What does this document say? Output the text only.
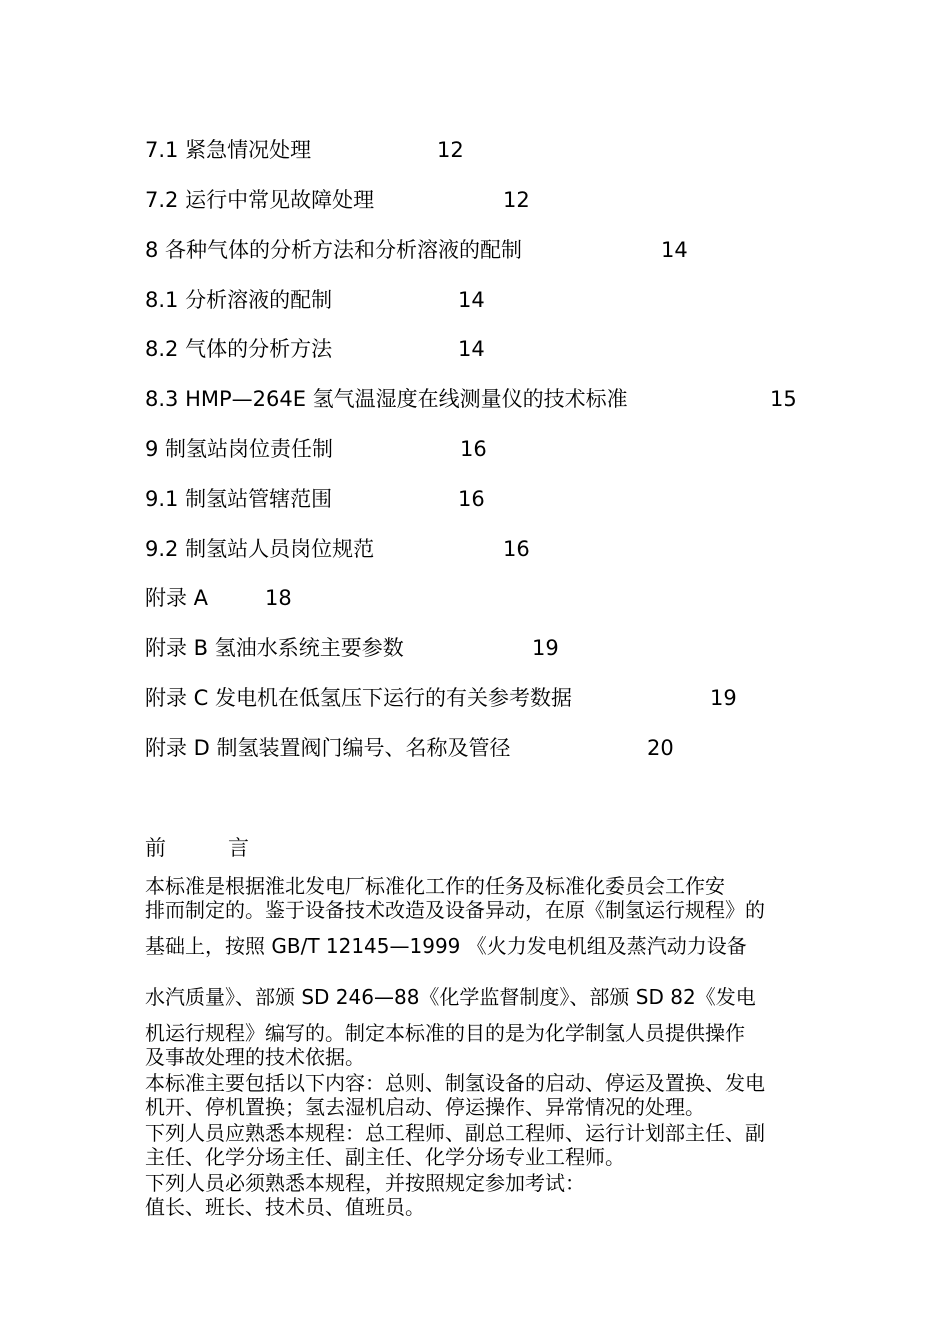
7.1 紧急情况处理	12
7.2 运行中常见故障处理	12
8 各种气体的分析方法和分析溶液的配制	14
8.1 分析溶液的配制	14
8.2 气体的分析方法	14
8.3 HMP—264E 氢气温湿度在线测量仪的技术标准	15
9 制氢站岗位责任制	16
9.1 制氢站管辖范围	16
9.2 制氢站人员岗位规范	16
附录 A	18
附录 B 氢油水系统主要参数	19
附录 C 发电机在低氢压下运行的有关参考数据	19
附录 D 制氢装置阀门编号、名称及管径	20
前	言
本标准是根据淮北发电厂标准化工作的任务及标准化委员会工作安
排而制定的。鉴于设备技术改造及设备异动，在原《制氢运行规程》的
基础上，按照 GB/T 12145—1999 《火力发电机组及蒸汽动力设备
水汽质量》、部颁 SD 246—88《化学监督制度》、部颁 SD 82《发电
机运行规程》编写的。制定本标准的目的是为化学制氢人员提供操作
及事故处理的技术依据。
本标准主要包括以下内容：总则、制氢设备的启动、停运及置换、发电
机开、停机置换；氢去湿机启动、停运操作、异常情况的处理。
下列人员应熟悉本规程：总工程师、副总工程师、运行计划部主任、副
主任、化学分场主任、副主任、化学分场专业工程师。
下列人员必须熟悉本规程，并按照规定参加考试：
值长、班长、技术员、值班员。
